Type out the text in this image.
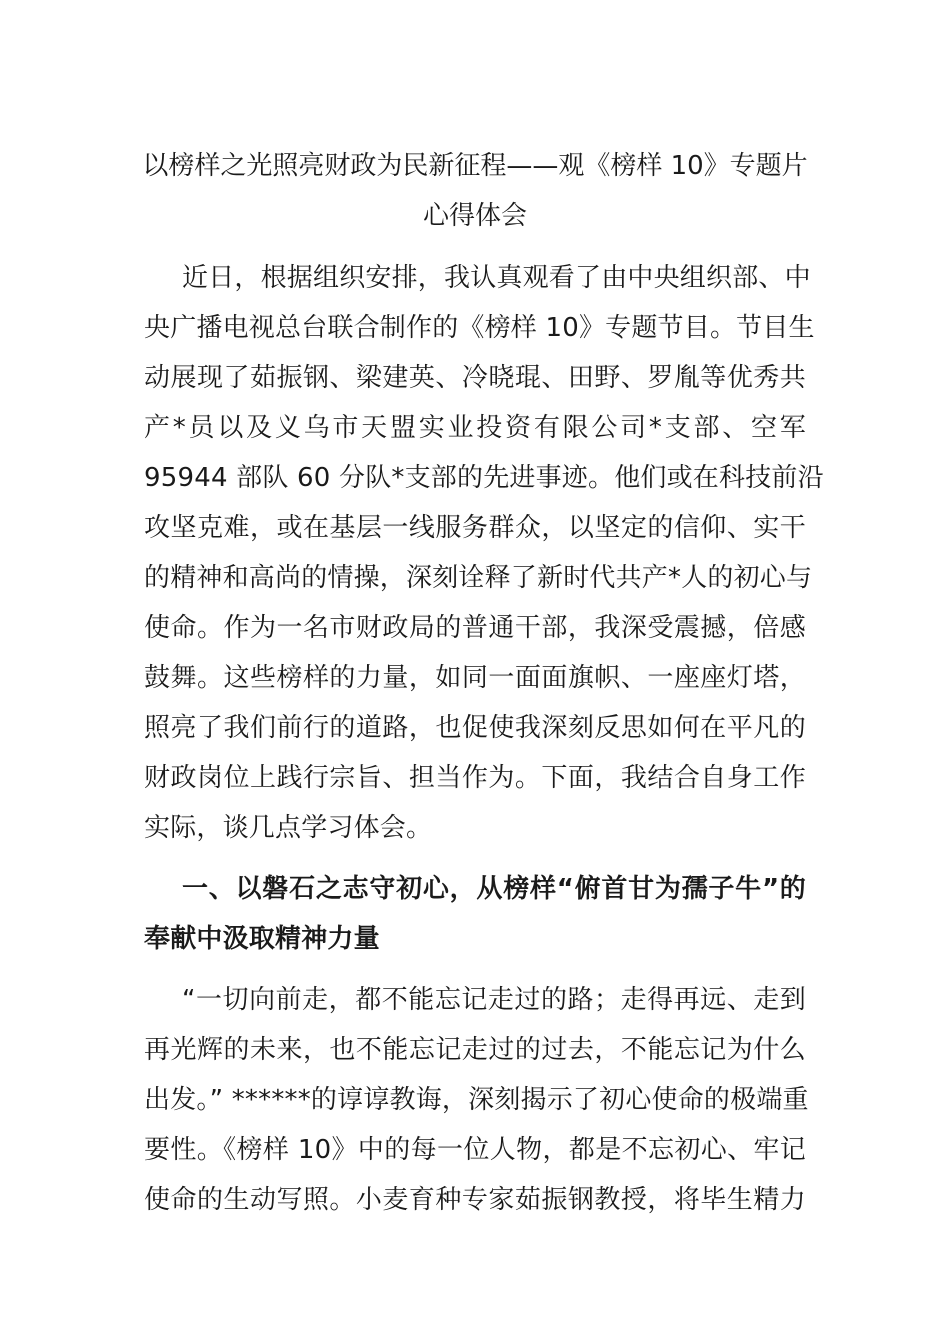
以榜样之光照亮财政为民新征程——观《榜样 10》专题片
心得体会
近日，根据组织安排，我认真观看了由中央组织部、中
央广播电视总台联合制作的《榜样 10》专题节目。节目生
动展现了茹振钢、梁建英、冷晓琨、田野、罗胤等优秀共
产*员以及义乌市天盟实业投资有限公司*支部、空军
95944 部队 60 分队*支部的先进事迹。他们或在科技前沿
攻坚克难，或在基层一线服务群众，以坚定的信仰、实干
的精神和高尚的情操，深刻诠释了新时代共产*人的初心与
使命。作为一名市财政局的普通干部，我深受震撼，倍感
鼓舞。这些榜样的力量，如同一面面旗帜、一座座灯塔，
照亮了我们前行的道路，也促使我深刻反思如何在平凡的
财政岗位上践行宗旨、担当作为。下面，我结合自身工作
实际，谈几点学习体会。
一、以磐石之志守初心，从榜样“俯首甘为孺子牛”的
奉献中汲取精神力量
“一切向前走，都不能忘记走过的路；走得再远、走到
再光辉的未来，也不能忘记走过的过去，不能忘记为什么
出发。” ******的谆谆教诲，深刻揭示了初心使命的极端重
要性。《榜样 10》中的每一位人物，都是不忘初心、牢记
使命的生动写照。小麦育种专家茹振钢教授，将毕生精力
